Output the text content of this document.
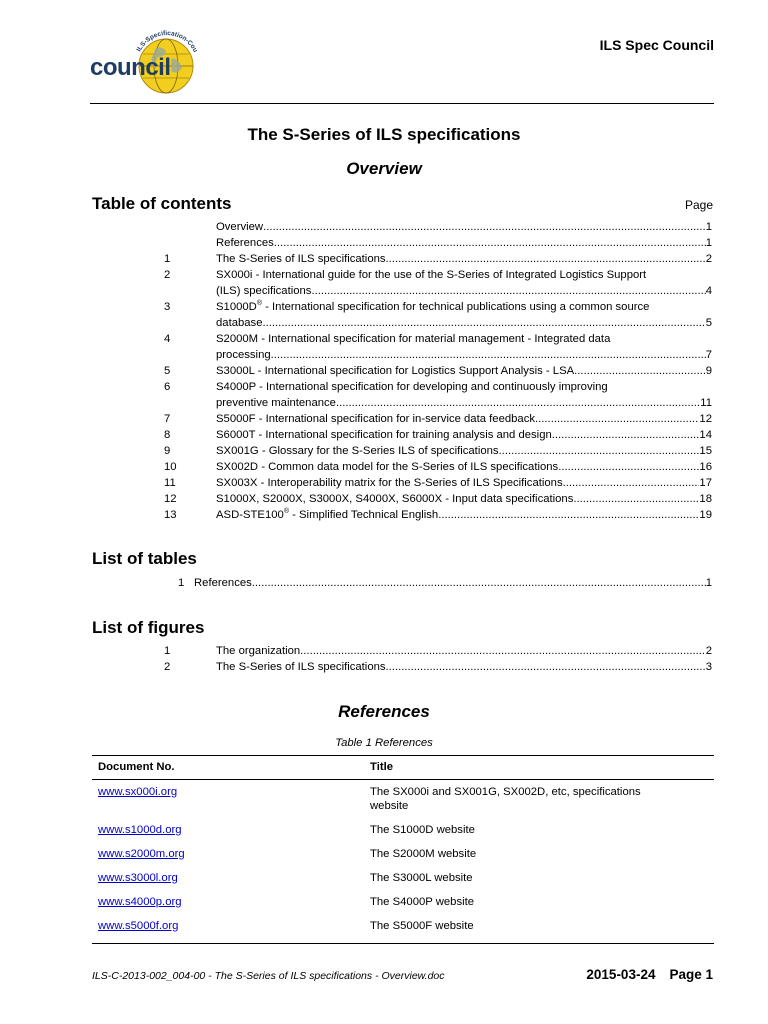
ILS-Specification-Cou
council
ILS Spec Council
The S-Series of ILS specifications
Overview
Table of contents	Page
Overview .....	1
References .....	1
1	The S-Series of ILS specifications .....	2
2	SX000i - International guide for the use of the S-Series of Integrated Logistics Support
(ILS) specifications .....	4
3	S1000D® - International specification for technical publications using a common source
database .....	5
4	S2000M - International specification for material management - Integrated data
processing .....	7
5	S3000L - International specification for Logistics Support Analysis - LSA .....	9
6	S4000P - International specification for developing and continuously improving
preventive maintenance .....	11
7	S5000F - International specification for in-service data feedback .....	12
8	S6000T - International specification for training analysis and design .....	14
9	SX001G - Glossary for the S-Series ILS of specifications .....	15
10	SX002D - Common data model for the S-Series of ILS specifications .....	16
11	SX003X - Interoperability matrix for the S-Series of ILS Specifications .....	17
12	S1000X, S2000X, S3000X, S4000X, S6000X - Input data specifications .....	18
13	ASD-STE100® - Simplified Technical English .....	19
List of tables
1 References .....	1
List of figures
1	The organization .....	2
2	The S-Series of ILS specifications .....	3
References
Table 1 References
Document No.	Title
www.sx000i.org	The SX000i and SX001G, SX002D, etc, specifications
website

www.s1000d.org	The S1000D website

www.s2000m.org	The S2000M website

www.s3000l.org	The S3000L website

www.s4000p.org	The S4000P website

www.s5000f.org	The S5000F website
ILS-C-2013-002_004-00 - The S-Series of ILS specifications - Overview.doc	2015-03-24 Page 1
